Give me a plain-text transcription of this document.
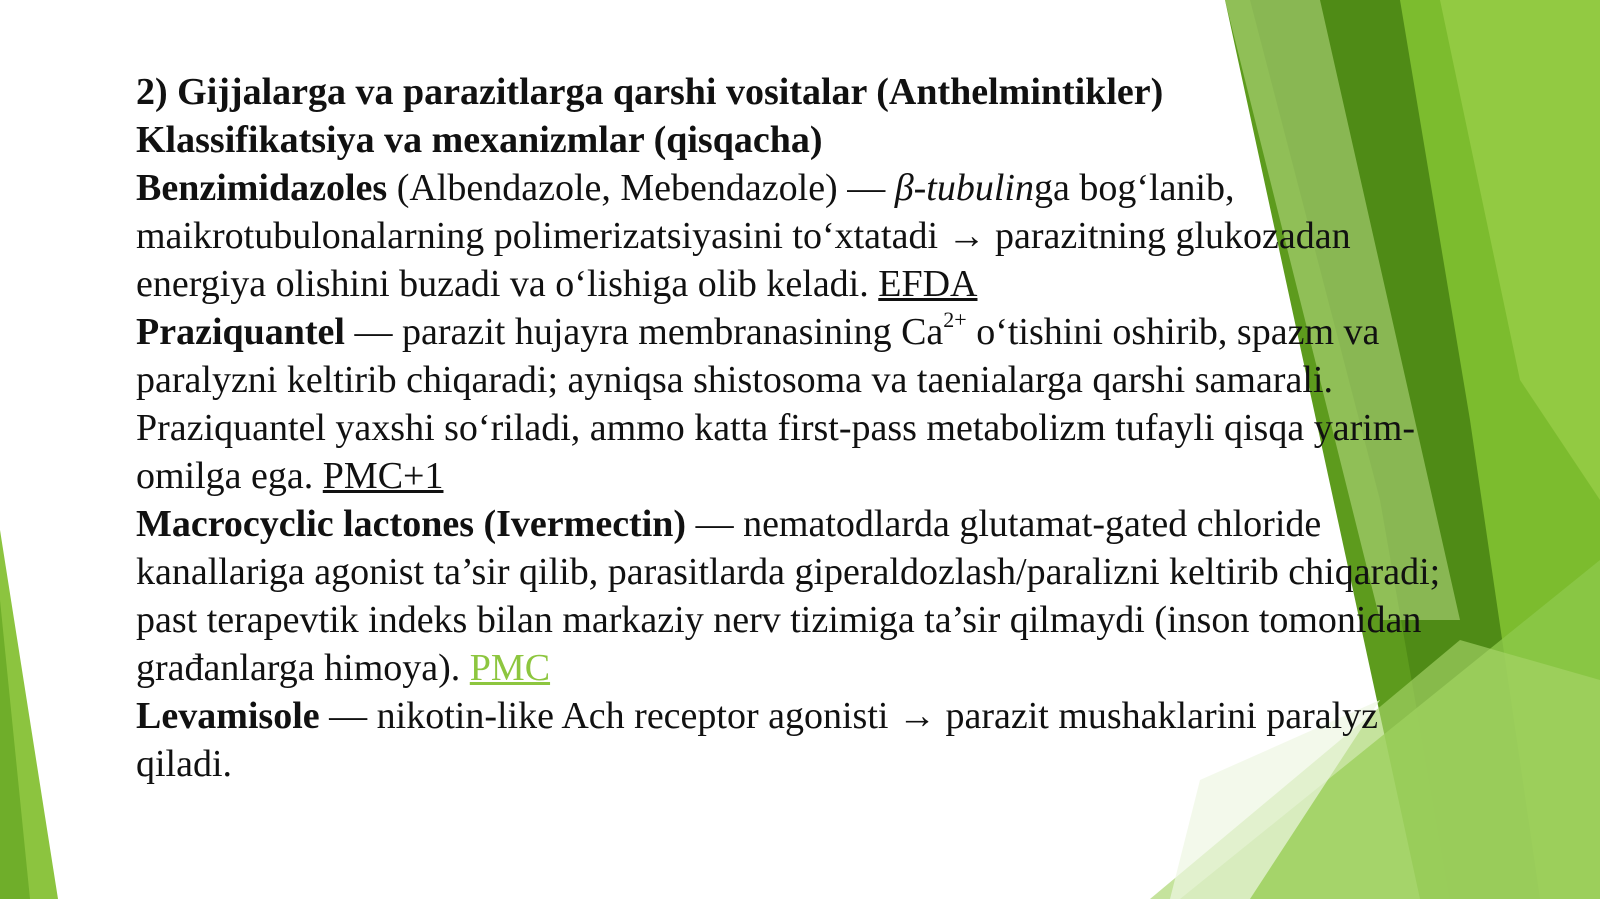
2) Gijjalarga va parazitlarga qarshi vositalar (Anthelmintikler)

Klassifikatsiya va mexanizmlar (qisqacha)

Benzimidazoles (Albendazole, Mebendazole) — β-tubulinga bog‘lanib, maikrotubulonalarning polimerizatsiyasini to‘xtatadi → parazitning glukozadan energiya olishini buzadi va o‘lishiga olib keladi. EFDA

Praziquantel — parazit hujayra membranasining $Ca^{2+}$ o‘tishini oshirib, spazm va paralyzni keltirib chiqaradi; ayniqsa shistosoma va taenialarga qarshi samarali. Praziquantel yaxshi so‘riladi, ammo katta first-pass metabolizm tufayli qisqa yarim-omilga ega. PMC+1

Macrocyclic lactones (Ivermectin) — nematodlarda glutamat-gated chloride kanallariga agonist ta’sir qilib, parasitlarda giperaldozlash/paralizni keltirib chiqaradi; past terapevtik indeks bilan markaziy nerv tizimiga ta’sir qilmaydi (inson tomonidan građanlarga himoya). PMC

Levamisole — nikotin-like Ach receptor agonisti → parazit mushaklarini paralyz qiladi.
